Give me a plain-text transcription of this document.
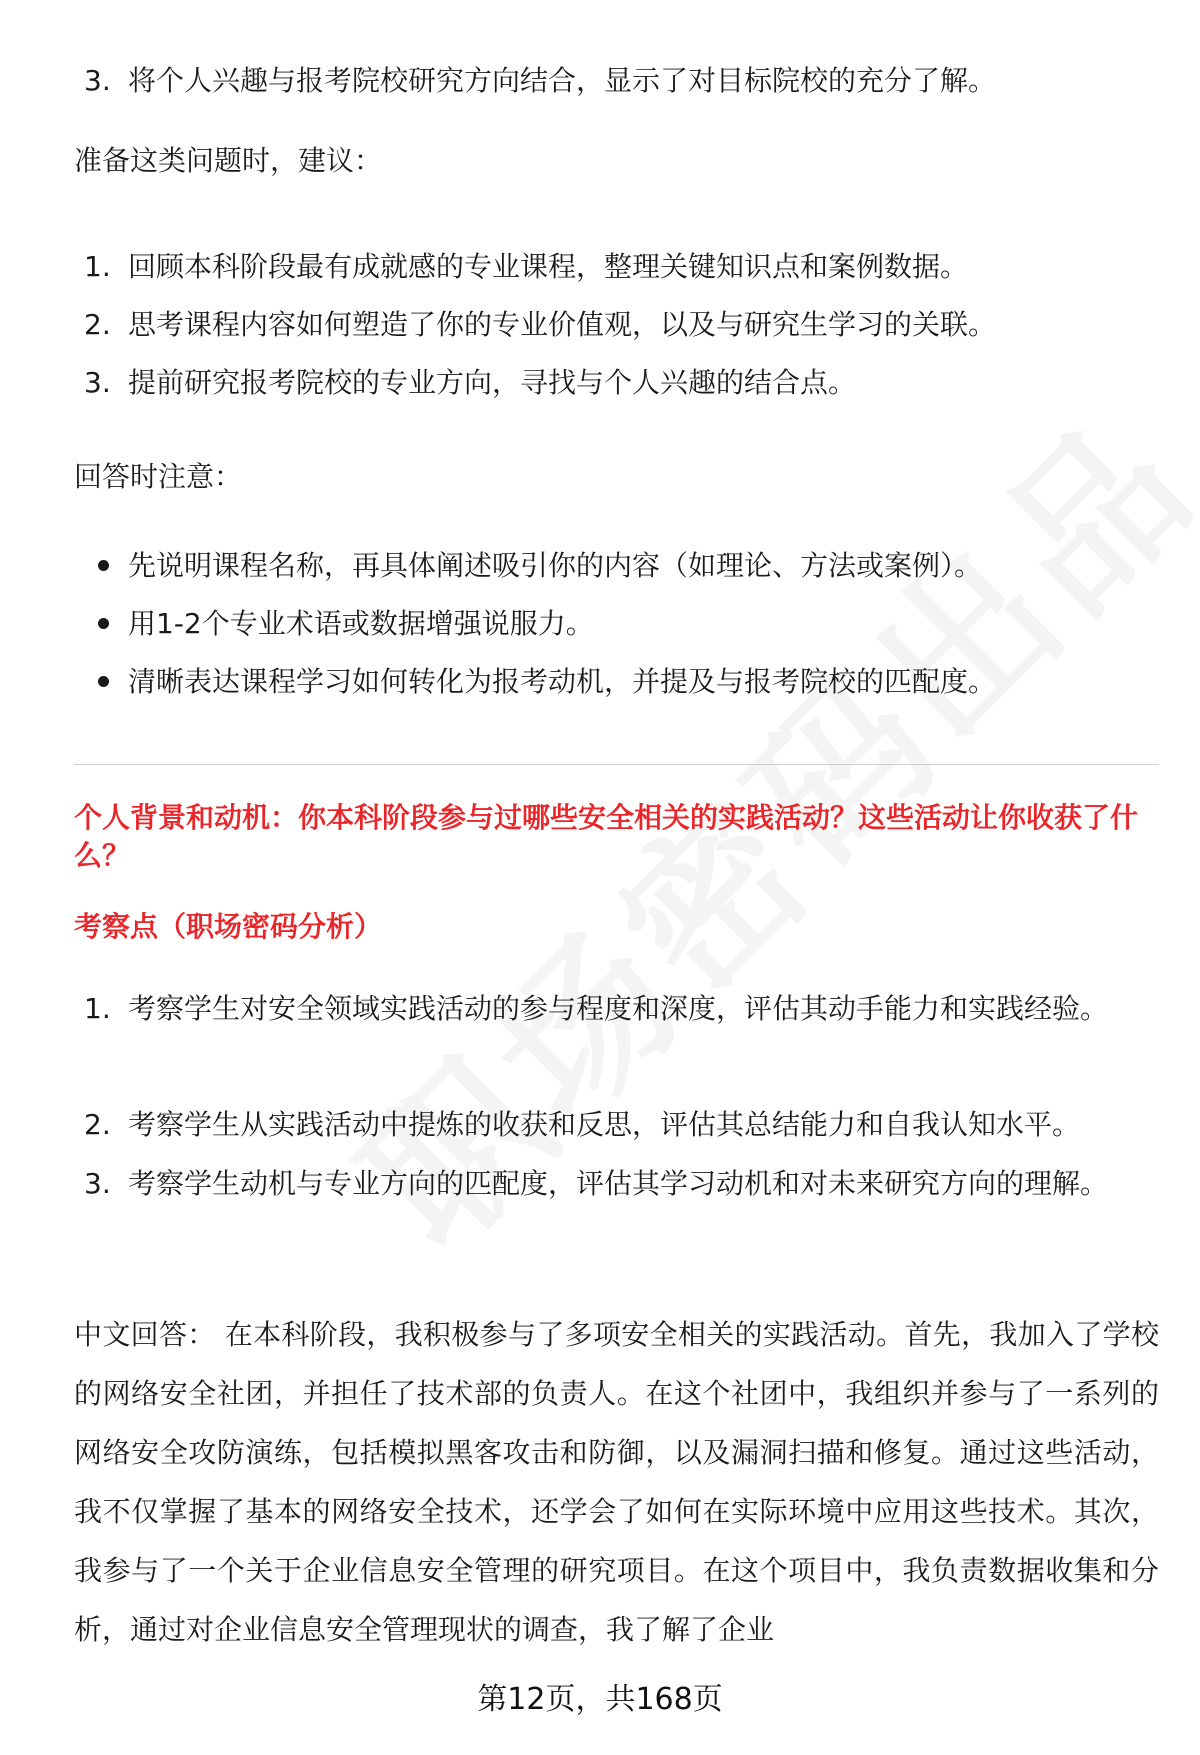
3. 将个人兴趣与报考院校研究方向结合，显示了对目标院校的充分了解。
准备这类问题时，建议：
1. 回顾本科阶段最有成就感的专业课程，整理关键知识点和案例数据。
2. 思考课程内容如何塑造了你的专业价值观，以及与研究生学习的关联。
3. 提前研究报考院校的专业方向，寻找与个人兴趣的结合点。
回答时注意：
先说明课程名称，再具体阐述吸引你的内容（如理论、方法或案例）。
用1-2个专业术语或数据增强说服力。
清晰表达课程学习如何转化为报考动机，并提及与报考院校的匹配度。
个人背景和动机：你本科阶段参与过哪些安全相关的实践活动？这些活动让你收获了什么？
考察点（职场密码分析）
1. 考察学生对安全领域实践活动的参与程度和深度，评估其动手能力和实践经验。
2. 考察学生从实践活动中提炼的收获和反思，评估其总结能力和自我认知水平。
3. 考察学生动机与专业方向的匹配度，评估其学习动机和对未来研究方向的理解。
中文回答： 在本科阶段，我积极参与了多项安全相关的实践活动。首先，我加入了学校的网络安全社团，并担任了技术部的负责人。在这个社团中，我组织并参与了一系列的网络安全攻防演练，包括模拟黑客攻击和防御，以及漏洞扫描和修复。通过这些活动，我不仅掌握了基本的网络安全技术，还学会了如何在实际环境中应用这些技术。其次，我参与了一个关于企业信息安全管理的研究项目。在这个项目中，我负责数据收集和分析，通过对企业信息安全管理现状的调查，我了解了企业
第12页，共168页
